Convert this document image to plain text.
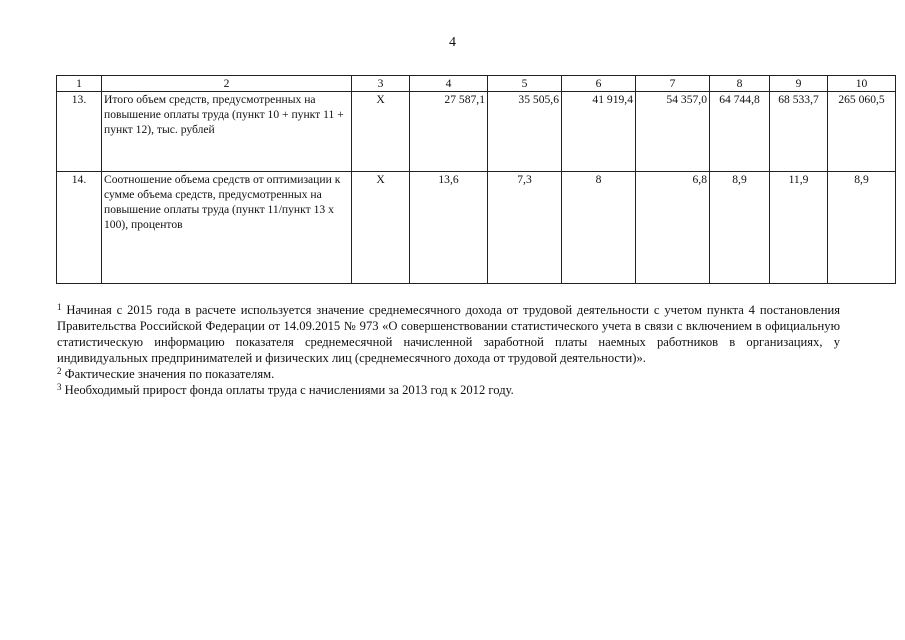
4
1	2	3	4	5	6	7	8	9	10
13.	Итого объем средств, предусмотренных на повышение оплаты труда (пункт 10 + пункт 11 + пункт 12), тыс. рублей	X	27 587,1	35 505,6	41 919,4	54 357,0	64 744,8	68 533,7	265 060,5
14.	Соотношение объема средств от оптимизации к сумме объема средств, предусмотренных на повышение оплаты труда (пункт 11/пункт 13 x 100), процентов	X	13,6	7,3	8	6,8	8,9	11,9	8,9

$^1$ Начиная с 2015 года в расчете используется значение среднемесячного дохода от трудовой деятельности с учетом пункта 4 постановления Правительства Российской Федерации от 14.09.2015 № 973 «О совершенствовании статистического учета в связи с включением в официальную статистическую информацию показателя среднемесячной начисленной заработной платы наемных работников в организациях, у индивидуальных предпринимателей и физических лиц (среднемесячного дохода от трудовой деятельности)».

$^2$ Фактические значения по показателям.

$^3$ Необходимый прирост фонда оплаты труда с начислениями за 2013 год к 2012 году.
